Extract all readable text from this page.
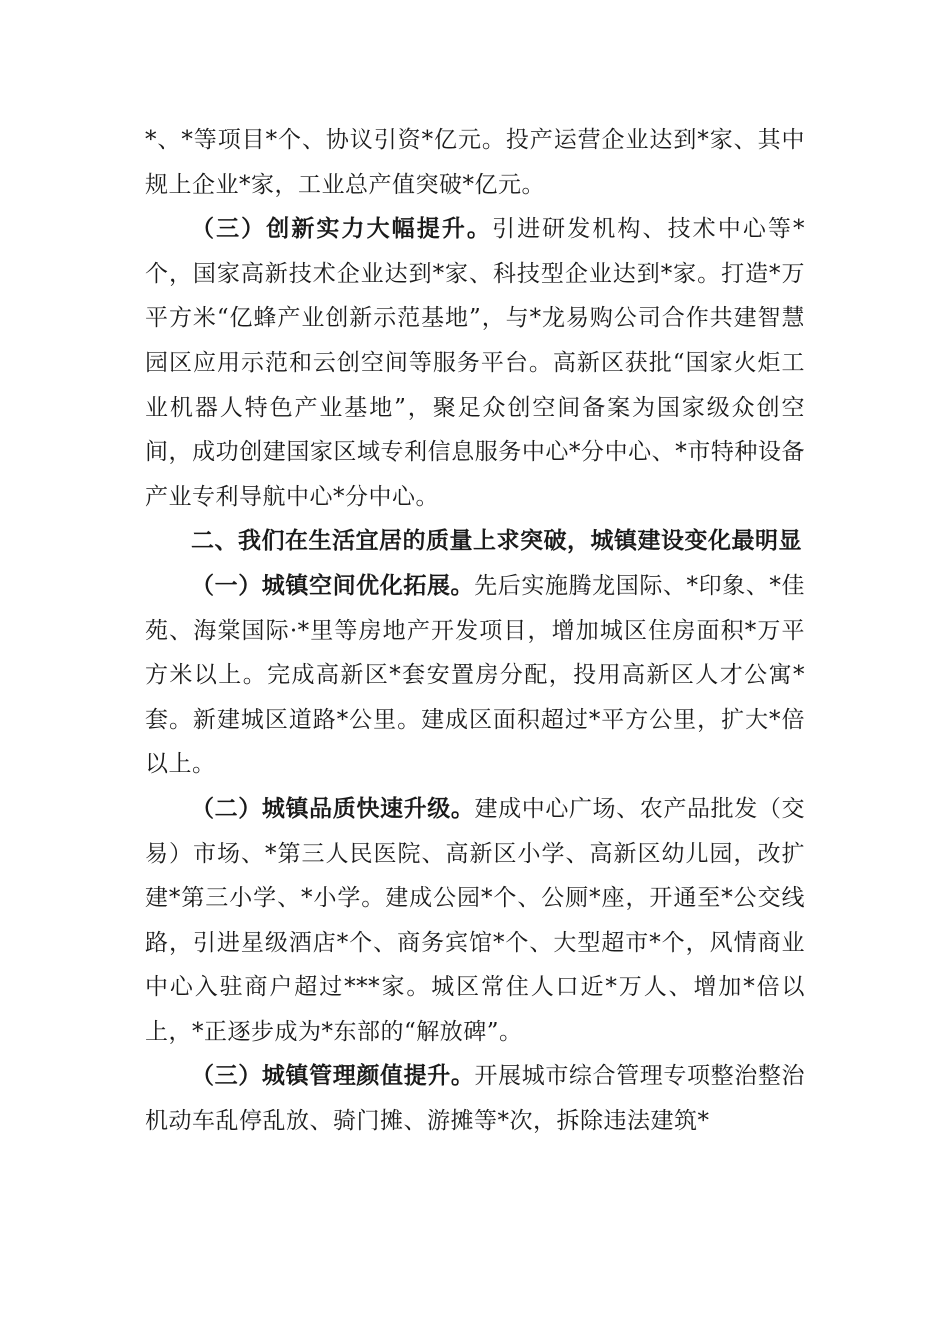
*、*等项目*个、协议引资*亿元。投产运营企业达到*家、其中规上企业*家，工业总产值突破*亿元。

（三）创新实力大幅提升。引进研发机构、技术中心等*个，国家高新技术企业达到*家、科技型企业达到*家。打造*万平方米“亿蜂产业创新示范基地”，与*龙易购公司合作共建智慧园区应用示范和云创空间等服务平台。高新区获批“国家火炬工业机器人特色产业基地”，聚足众创空间备案为国家级众创空间，成功创建国家区域专利信息服务中心*分中心、*市特种设备产业专利导航中心*分中心。

二、我们在生活宜居的质量上求突破，城镇建设变化最明显

（一）城镇空间优化拓展。先后实施腾龙国际、*印象、*佳苑、海棠国际·*里等房地产开发项目，增加城区住房面积*万平方米以上。完成高新区*套安置房分配，投用高新区人才公寓*套。新建城区道路*公里。建成区面积超过*平方公里，扩大*倍以上。

（二）城镇品质快速升级。建成中心广场、农产品批发（交易）市场、*第三人民医院、高新区小学、高新区幼儿园，改扩建*第三小学、*小学。建成公园*个、公厕*座，开通至*公交线路，引进星级酒店*个、商务宾馆*个、大型超市*个，风情商业中心入驻商户超过***家。城区常住人口近*万人、增加*倍以上，*正逐步成为*东部的“解放碑”。

（三）城镇管理颜值提升。开展城市综合管理专项整治整治机动车乱停乱放、骑门摊、游摊等*次，拆除违法建筑*
